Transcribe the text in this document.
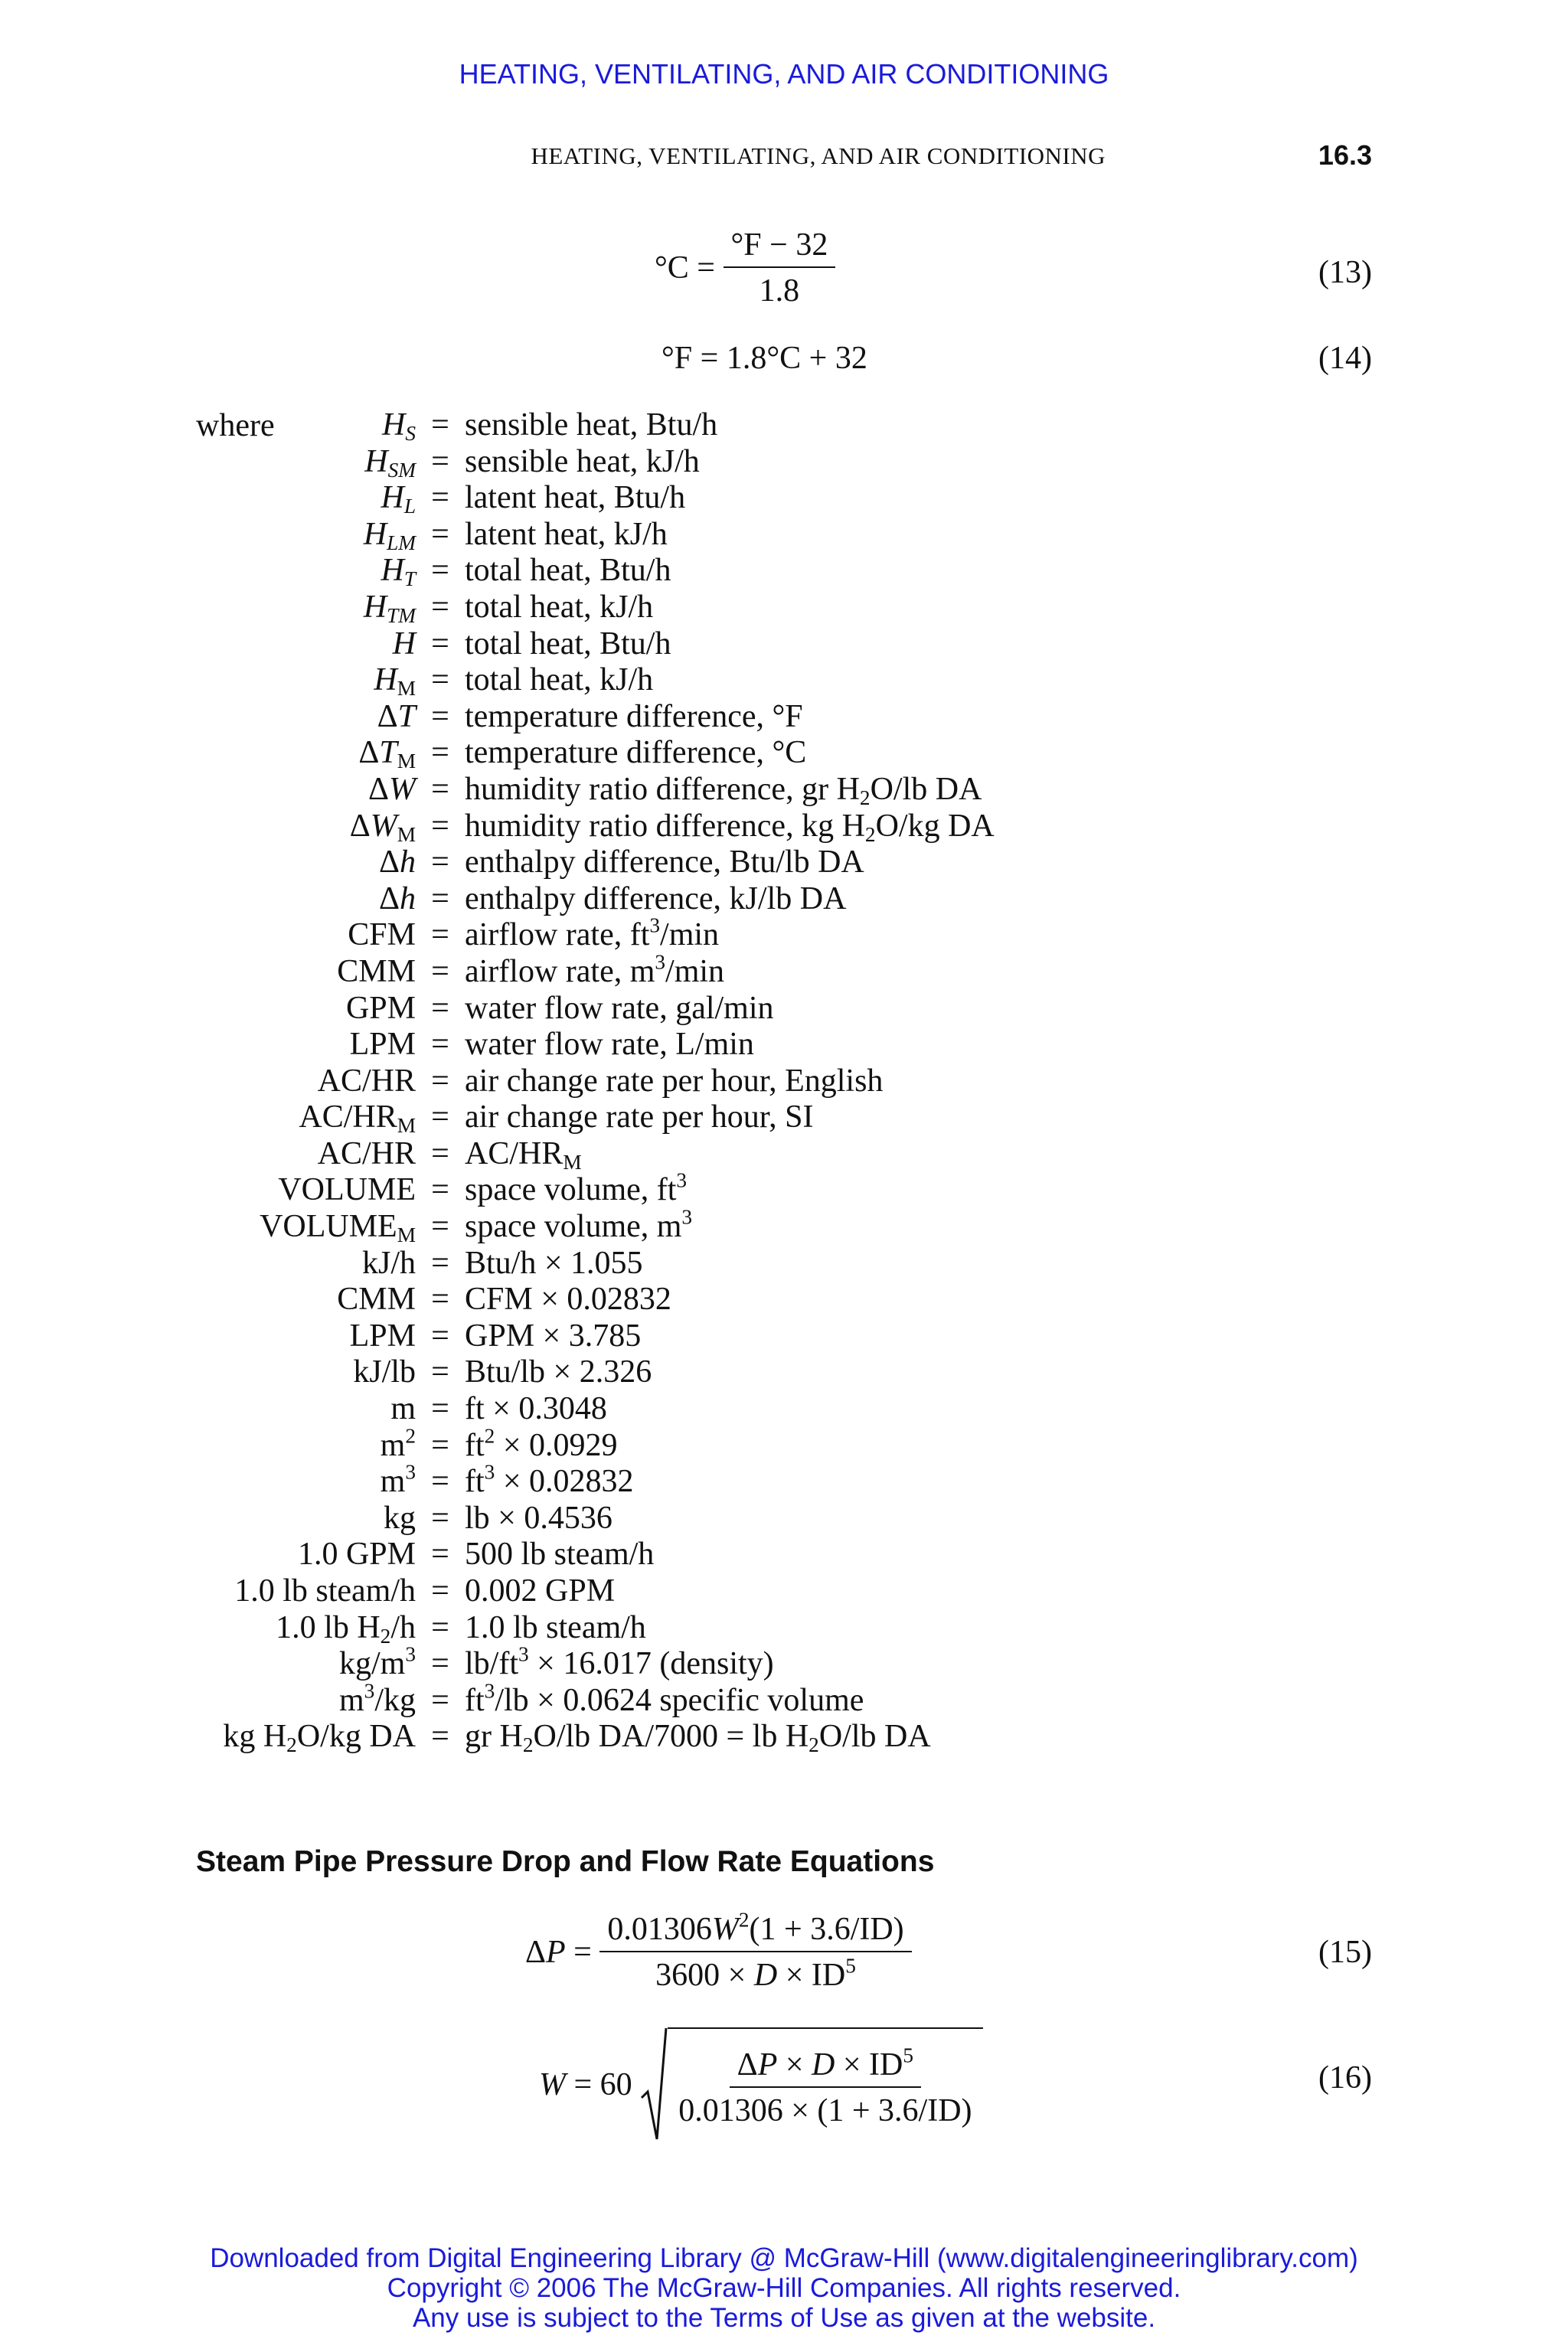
HEATING, VENTILATING, AND AIR CONDITIONING
HEATING, VENTILATING, AND AIR CONDITIONING	16.3
$^\circ C = \frac{^\circ F - 32}{1.8}$	(13)
°F = 1.8°C + 32	(14)
where	$H_S$ = sensible heat, Btu/h
$H_{SM}$ = sensible heat, kJ/h
$H_L$ = latent heat, Btu/h
$H_{LM}$ = latent heat, kJ/h
$H_T$ = total heat, Btu/h
$H_{TM}$ = total heat, kJ/h
H = total heat, Btu/h
$H_M$ = total heat, kJ/h
ΔT = temperature difference, °F
$\Delta T_M$ = temperature difference, °C
ΔW = humidity ratio difference, gr $H_2O/lb$ DA
$\Delta W_M$ = humidity ratio difference, kg $H_2O/kg$ DA
Δh = enthalpy difference, Btu/lb DA
Δh = enthalpy difference, kJ/lb DA
CFM = airflow rate, $ft^3/\min$
CMM = airflow rate, $m^3/\min$
GPM = water flow rate, gal/min
LPM = water flow rate, L/min
AC/HR = air change rate per hour, English
$AC/HR_M$ = air change rate per hour, SI
$AC/HR = AC/HR_M$
VOLUME = space volume, $ft^3$
$VOLUME_M$ = space volume, $m^3$
kJ/h = Btu/h × 1.055
CMM = CFM × 0.02832
LPM = GPM × 3.785
kJ/lb = Btu/lb × 2.326
m = ft × 0.3048
$m^2 = ft^2 \times 0.0929$
$m^3 = ft^3 \times 0.02832$
kg = lb × 0.4536
1.0 GPM = 500 lb steam/h
1.0 lb steam/h = 0.002 GPM
1.0 lb $H_2/h = 1.0$ lb steam/h
$kg/m^3 = lb/ft^3 \times 16.017$ (density)
$m^3/kg = ft^3/lb \times 0.0624$ specific volume
kg $H_2O/kg$ DA = gr $H_2O/lb$ DA/7000 = lb $H_2O/lb$ DA
Steam Pipe Pressure Drop and Flow Rate Equations
$\Delta P = \frac{0.01306W^2(1 + 3.6/ID)}{3600 \times D \times ID^5}$	(15)
$W = 60 \frac{\Delta P \times D \times ID^5}{0.01306 \times (1 + 3.6/ID)}$	(16)
Downloaded from Digital Engineering Library @ McGraw-Hill (www.digitalengineeringlibrary.com)
Copyright © 2006 The McGraw-Hill Companies. All rights reserved.
Any use is subject to the Terms of Use as given at the website.
